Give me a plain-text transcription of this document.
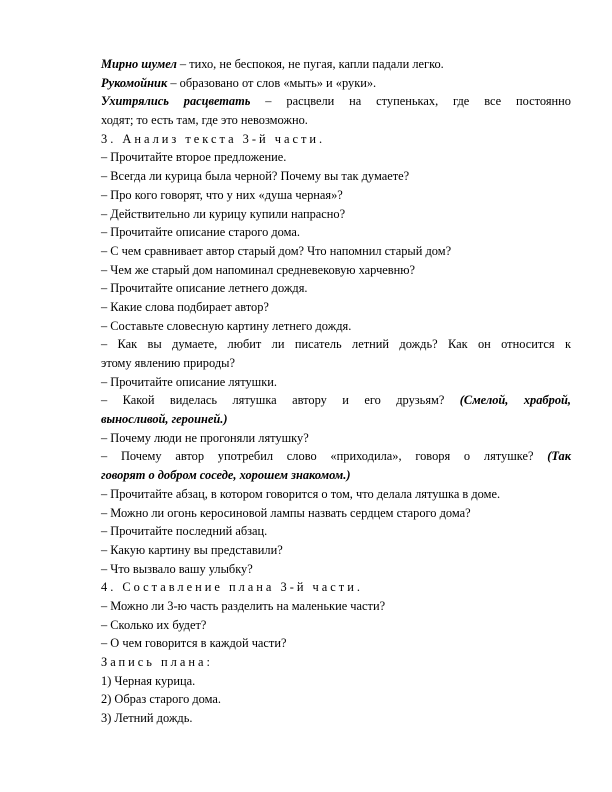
Мирно шумел – тихо, не беспокоя, не пугая, капли падали легко.
Рукомойник – образовано от слов «мыть» и «руки».
Ухитрялись расцветать – расцвели на ступеньках, где все постоянно
ходят; то есть там, где это невозможно.
3. Анализ текста 3-й части.
– Прочитайте второе предложение.
– Всегда ли курица была черной? Почему вы так думаете?
– Про кого говорят, что у них «душа черная»?
– Действительно ли курицу купили напрасно?
– Прочитайте описание старого дома.
– С чем сравнивает автор старый дом? Что напомнил старый дом?
– Чем же старый дом напоминал средневековую харчевню?
– Прочитайте описание летнего дождя.
– Какие слова подбирает автор?
– Составьте словесную картину летнего дождя.
– Как вы думаете, любит ли писатель летний дождь? Как он относится к
этому явлению природы?
– Прочитайте описание лятушки.
– Какой виделась лятушка автору и его друзьям? (Смелой, храброй,
выносливой, героиней.)
– Почему люди не прогоняли лятушку?
– Почему автор употребил слово «приходила», говоря о лятушке? (Так
говорят о добром соседе, хорошем знакомом.)
– Прочитайте абзац, в котором говорится о том, что делала лятушка в доме.
– Можно ли огонь керосиновой лампы назвать сердцем старого дома?
– Прочитайте последний абзац.
– Какую картину вы представили?
– Что вызвало вашу улыбку?
4. Составление плана 3-й части.
– Можно ли 3-ю часть разделить на маленькие части?
– Сколько их будет?
– О чем говорится в каждой части?
Запись плана:
1) Черная курица.
2) Образ старого дома.
3) Летний дождь.
